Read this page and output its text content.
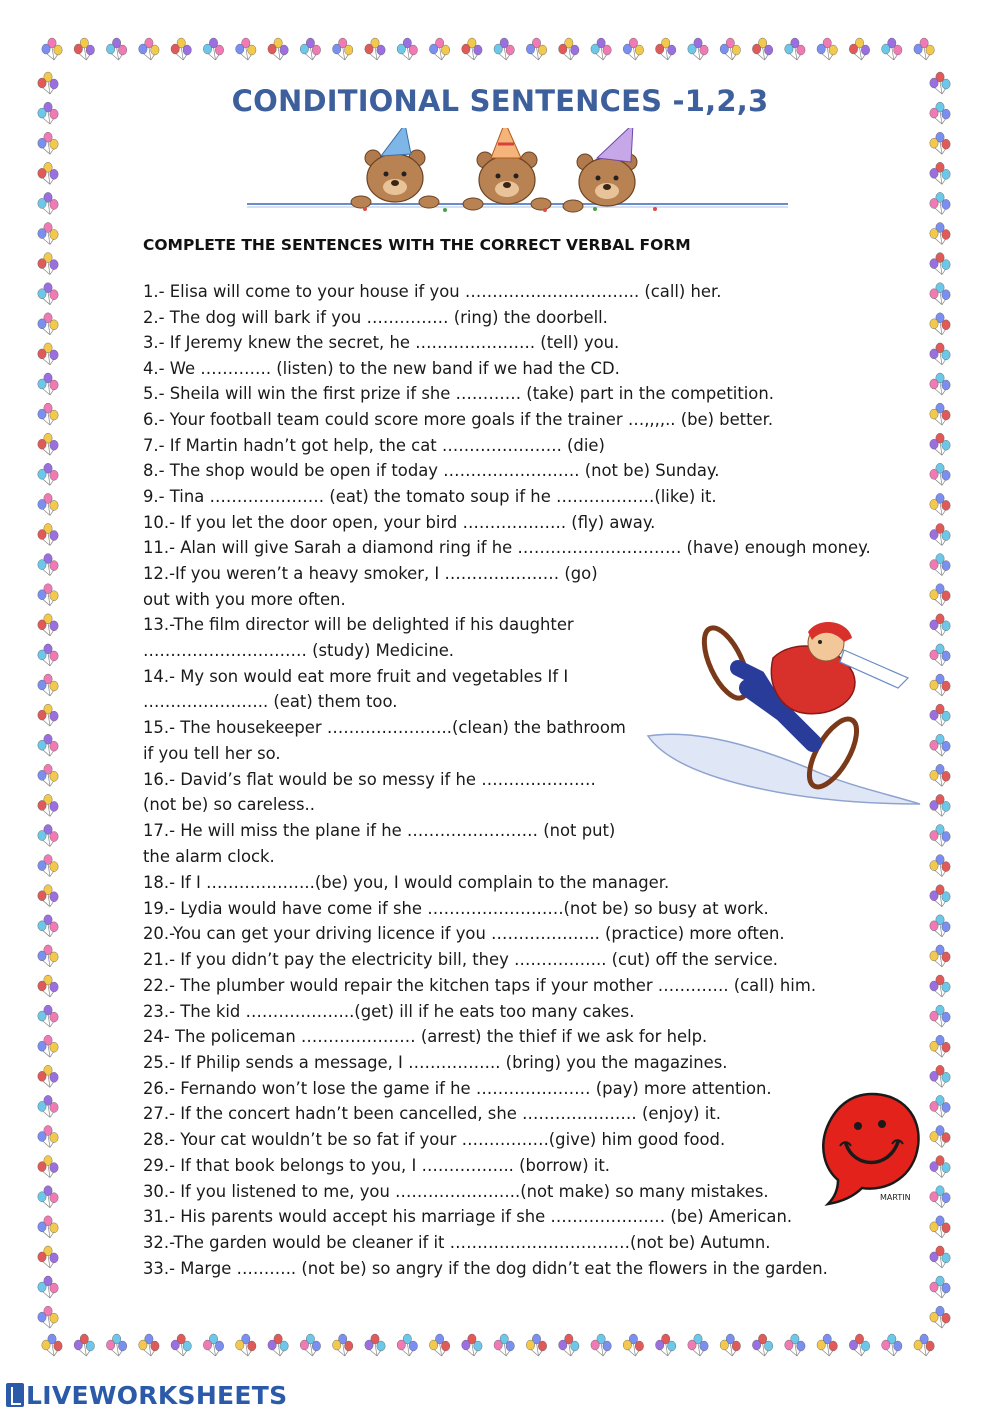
CONDITIONAL SENTENCES -1,2,3
COMPLETE THE SENTENCES WITH THE CORRECT VERBAL FORM
1.- Elisa will come to your house if you ………………………….. (call) her.
2.- The dog will bark if you …………… (ring) the doorbell.
3.- If Jeremy knew the secret, he …………………. (tell) you.
4.- We …………. (listen) to the new band if we had the CD.
5.- Sheila will win the first prize if she ………… (take) part in the competition.
6.- Your football team could score more goals if the trainer …,,,,.. (be) better.
7.- If Martin hadn’t got help, the cat …………………. (die)
8.- The shop would be open if today ……………………. (not be) Sunday.
9.- Tina ………………… (eat) the tomato soup if he ………………(like) it.
10.- If you let the door open, your bird ………………. (fly) away.
11.- Alan will give Sarah a diamond ring if he ………………………… (have) enough money.
12.-If you weren’t a heavy smoker, I ………………… (go)
out with you more often.
13.-The film director will be delighted if his daughter
………………………… (study) Medicine.
14.- My son would eat more fruit and vegetables If I
………………….. (eat) them too.
15.- The housekeeper …………………..(clean) the bathroom
if you tell her so.
16.- David’s flat would be so messy if he …………………
(not be) so careless..
17.- He will miss the plane if he …………………… (not put)
the alarm clock.
18.- If I ………………..(be) you, I would complain to the manager.
19.- Lydia would have come if she …………………….(not be) so busy at work.
20.-You can get your driving licence if you ……………….. (practice) more often.
21.- If you didn’t pay the electricity bill, they …………….. (cut) off the service.
22.- The plumber would repair the kitchen taps if your mother …………. (call) him.
23.- The kid ………………..(get) ill if he eats too many cakes.
24- The policeman ………………… (arrest) the thief if we ask for help.
25.- If Philip sends a message, I …………….. (bring) you the magazines.
26.- Fernando won’t lose the game if he ………………… (pay) more attention.
27.- If the concert hadn’t been cancelled, she ………………… (enjoy) it.
28.- Your cat wouldn’t be so fat if your …………….(give) him good food.
29.- If that book belongs to you, I …………….. (borrow) it.
30.- If you listened to me, you …………………..(not make) so many mistakes.
31.- His parents would accept his marriage if she ………………… (be) American.
32.-The garden would be cleaner if it ……………………………(not be) Autumn.
33.- Marge ……….. (not be) so angry if the dog didn’t eat the flowers in the garden.
MARTIN
LIVEWORKSHEETS
